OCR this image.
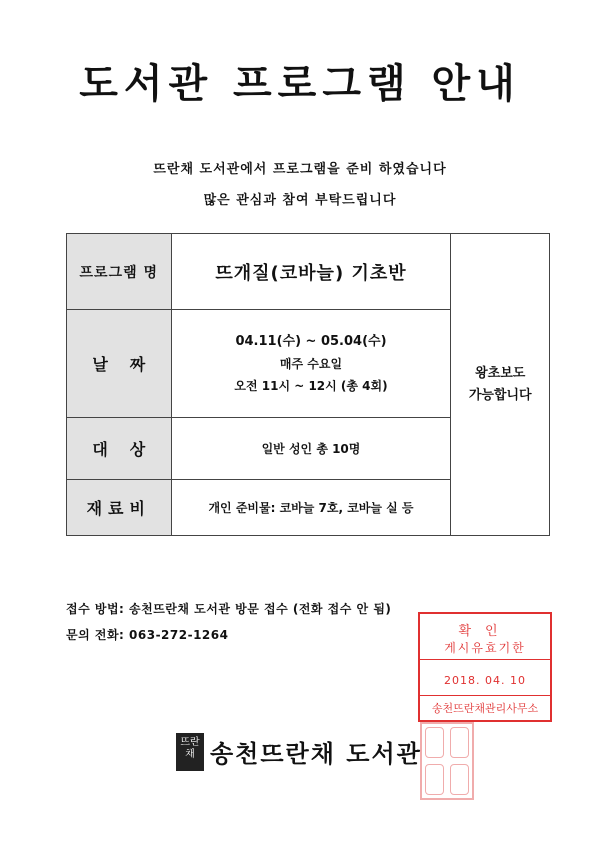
도서관 프로그램 안내
뜨란채 도서관에서 프로그램을 준비 하였습니다
많은 관심과 참여 부탁드립니다
프로그램 명	뜨개질(코바늘) 기초반	왕초보도
가능합니다

날짜	04.11(수) ~ 05.04(수)
매주 수요일
오전 11시 ~ 12시 (총 4회)	

대상	일반 성인 총 10명	
재료비	개인 준비물: 코바늘 7호, 코바늘 실 등	
접수 방법: 송천뜨란채 도서관 방문 접수 (전화 접수 안 됨)
문의 전화: 063-272-1264	확인
게시유효기한
2018. 04. 10
송천뜨란채관리사무소
뜨란채 송천뜨란채 도서관
